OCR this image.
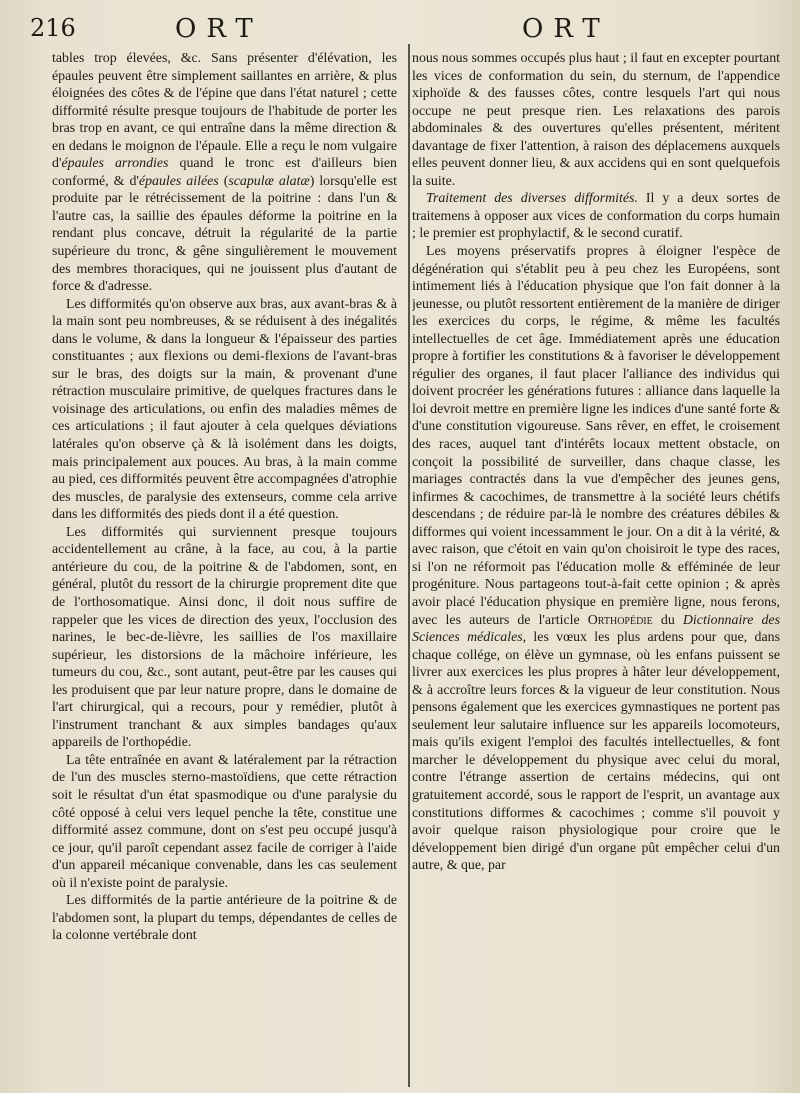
216	ORT	ORT

tables trop élevées, &c. Sans présenter d'élévation, les épaules peuvent être simplement saillantes en arrière, & plus éloignées des côtes & de l'épine que dans l'état naturel ; cette difformité résulte presque toujours de l'habitude de porter les bras trop en avant, ce qui entraîne dans la même direction & en dedans le moignon de l'épaule. Elle a reçu le nom vulgaire d'épaules arrondies quand le tronc est d'ailleurs bien conformé, & d'épaules ailées (scapulæ alatæ) lorsqu'elle est produite par le rétrécissement de la poitrine : dans l'un & l'autre cas, la saillie des épaules déforme la poitrine en la rendant plus concave, détruit la régularité de la partie supérieure du tronc, & gêne singulièrement le mouvement des membres thoraciques, qui ne jouissent plus d'autant de force & d'adresse.

Les difformités qu'on observe aux bras, aux avant-bras & à la main sont peu nombreuses, & se réduisent à des inégalités dans le volume, & dans la longueur & l'épaisseur des parties constituantes ; aux flexions ou demi-flexions de l'avant-bras sur le bras, des doigts sur la main, & provenant d'une rétraction musculaire primitive, de quelques fractures dans le voisinage des articulations, ou enfin des maladies mêmes de ces articulations ; il faut ajouter à cela quelques déviations latérales qu'on observe çà & là isolément dans les doigts, mais principalement aux pouces. Au bras, à la main comme au pied, ces difformités peuvent être accompagnées d'atrophie des muscles, de paralysie des extenseurs, comme cela arrive dans les difformités des pieds dont il a été question.

Les difformités qui surviennent presque toujours accidentellement au crâne, à la face, au cou, à la partie antérieure du cou, de la poitrine & de l'abdomen, sont, en général, plutôt du ressort de la chirurgie proprement dite que de l'orthosomatique. Ainsi donc, il doit nous suffire de rappeler que les vices de direction des yeux, l'occlusion des narines, le bec-de-lièvre, les saillies de l'os maxillaire supérieur, les distorsions de la mâchoire inférieure, les tumeurs du cou, &c., sont autant, peut-être par les causes qui les produisent que par leur nature propre, dans le domaine de l'art chirurgical, qui a recours, pour y remédier, plutôt à l'instrument tranchant & aux simples bandages qu'aux appareils de l'orthopédie.

La tête entraînée en avant & latéralement par la rétraction de l'un des muscles sterno-mastoïdiens, que cette rétraction soit le résultat d'un état spasmodique ou d'une paralysie du côté opposé à celui vers lequel penche la tête, constitue une difformité assez commune, dont on s'est peu occupé jusqu'à ce jour, qu'il paroît cependant assez facile de corriger à l'aide d'un appareil mécanique convenable, dans les cas seulement où il n'existe point de paralysie.

Les difformités de la partie antérieure de la poitrine & de l'abdomen sont, la plupart du temps, dépendantes de celles de la colonne vertébrale dont

nous nous sommes occupés plus haut ; il faut en excepter pourtant les vices de conformation du sein, du sternum, de l'appendice xiphoïde & des fausses côtes, contre lesquels l'art qui nous occupe ne peut presque rien. Les relaxations des parois abdominales & des ouvertures qu'elles présentent, méritent davantage de fixer l'attention, à raison des déplacemens auxquels elles peuvent donner lieu, & aux accidens qui en sont quelquefois la suite.

Traitement des diverses difformités. Il y a deux sortes de traitemens à opposer aux vices de conformation du corps humain ; le premier est prophylactif, & le second curatif.

Les moyens préservatifs propres à éloigner l'espèce de dégénération qui s'établit peu à peu chez les Européens, sont intimement liés à l'éducation physique que l'on fait donner à la jeunesse, ou plutôt ressortent entièrement de la manière de diriger les exercices du corps, le régime, & même les facultés intellectuelles de cet âge. Immédiatement après une éducation propre à fortifier les constitutions & à favoriser le développement régulier des organes, il faut placer l'alliance des individus qui doivent procréer les générations futures : alliance dans laquelle la loi devroit mettre en première ligne les indices d'une santé forte & d'une constitution vigoureuse. Sans rêver, en effet, le croisement des races, auquel tant d'intérêts locaux mettent obstacle, on conçoit la possibilité de surveiller, dans chaque classe, les mariages contractés dans la vue d'empêcher des jeunes gens, infirmes & cacochimes, de transmettre à la société leurs chétifs descendans ; de réduire par-là le nombre des créatures débiles & difformes qui voient incessamment le jour. On a dit à la vérité, & avec raison, que c'étoit en vain qu'on choisiroit le type des races, si l'on ne réformoit pas l'éducation molle & efféminée de leur progéniture. Nous partageons tout-à-fait cette opinion ; & après avoir placé l'éducation physique en première ligne, nous ferons, avec les auteurs de l'article Orthopédie du Dictionnaire des Sciences médicales, les vœux les plus ardens pour que, dans chaque collége, on élève un gymnase, où les enfans puissent se livrer aux exercices les plus propres à hâter leur développement, & à accroître leurs forces & la vigueur de leur constitution. Nous pensons également que les exercices gymnastiques ne portent pas seulement leur salutaire influence sur les appareils locomoteurs, mais qu'ils exigent l'emploi des facultés intellectuelles, & font marcher le développement du physique avec celui du moral, contre l'étrange assertion de certains médecins, qui ont gratuitement accordé, sous le rapport de l'esprit, un avantage aux constitutions difformes & cacochimes ; comme s'il pouvoit y avoir quelque raison physiologique pour croire que le développement bien dirigé d'un organe pût empêcher celui d'un autre, & que, par
